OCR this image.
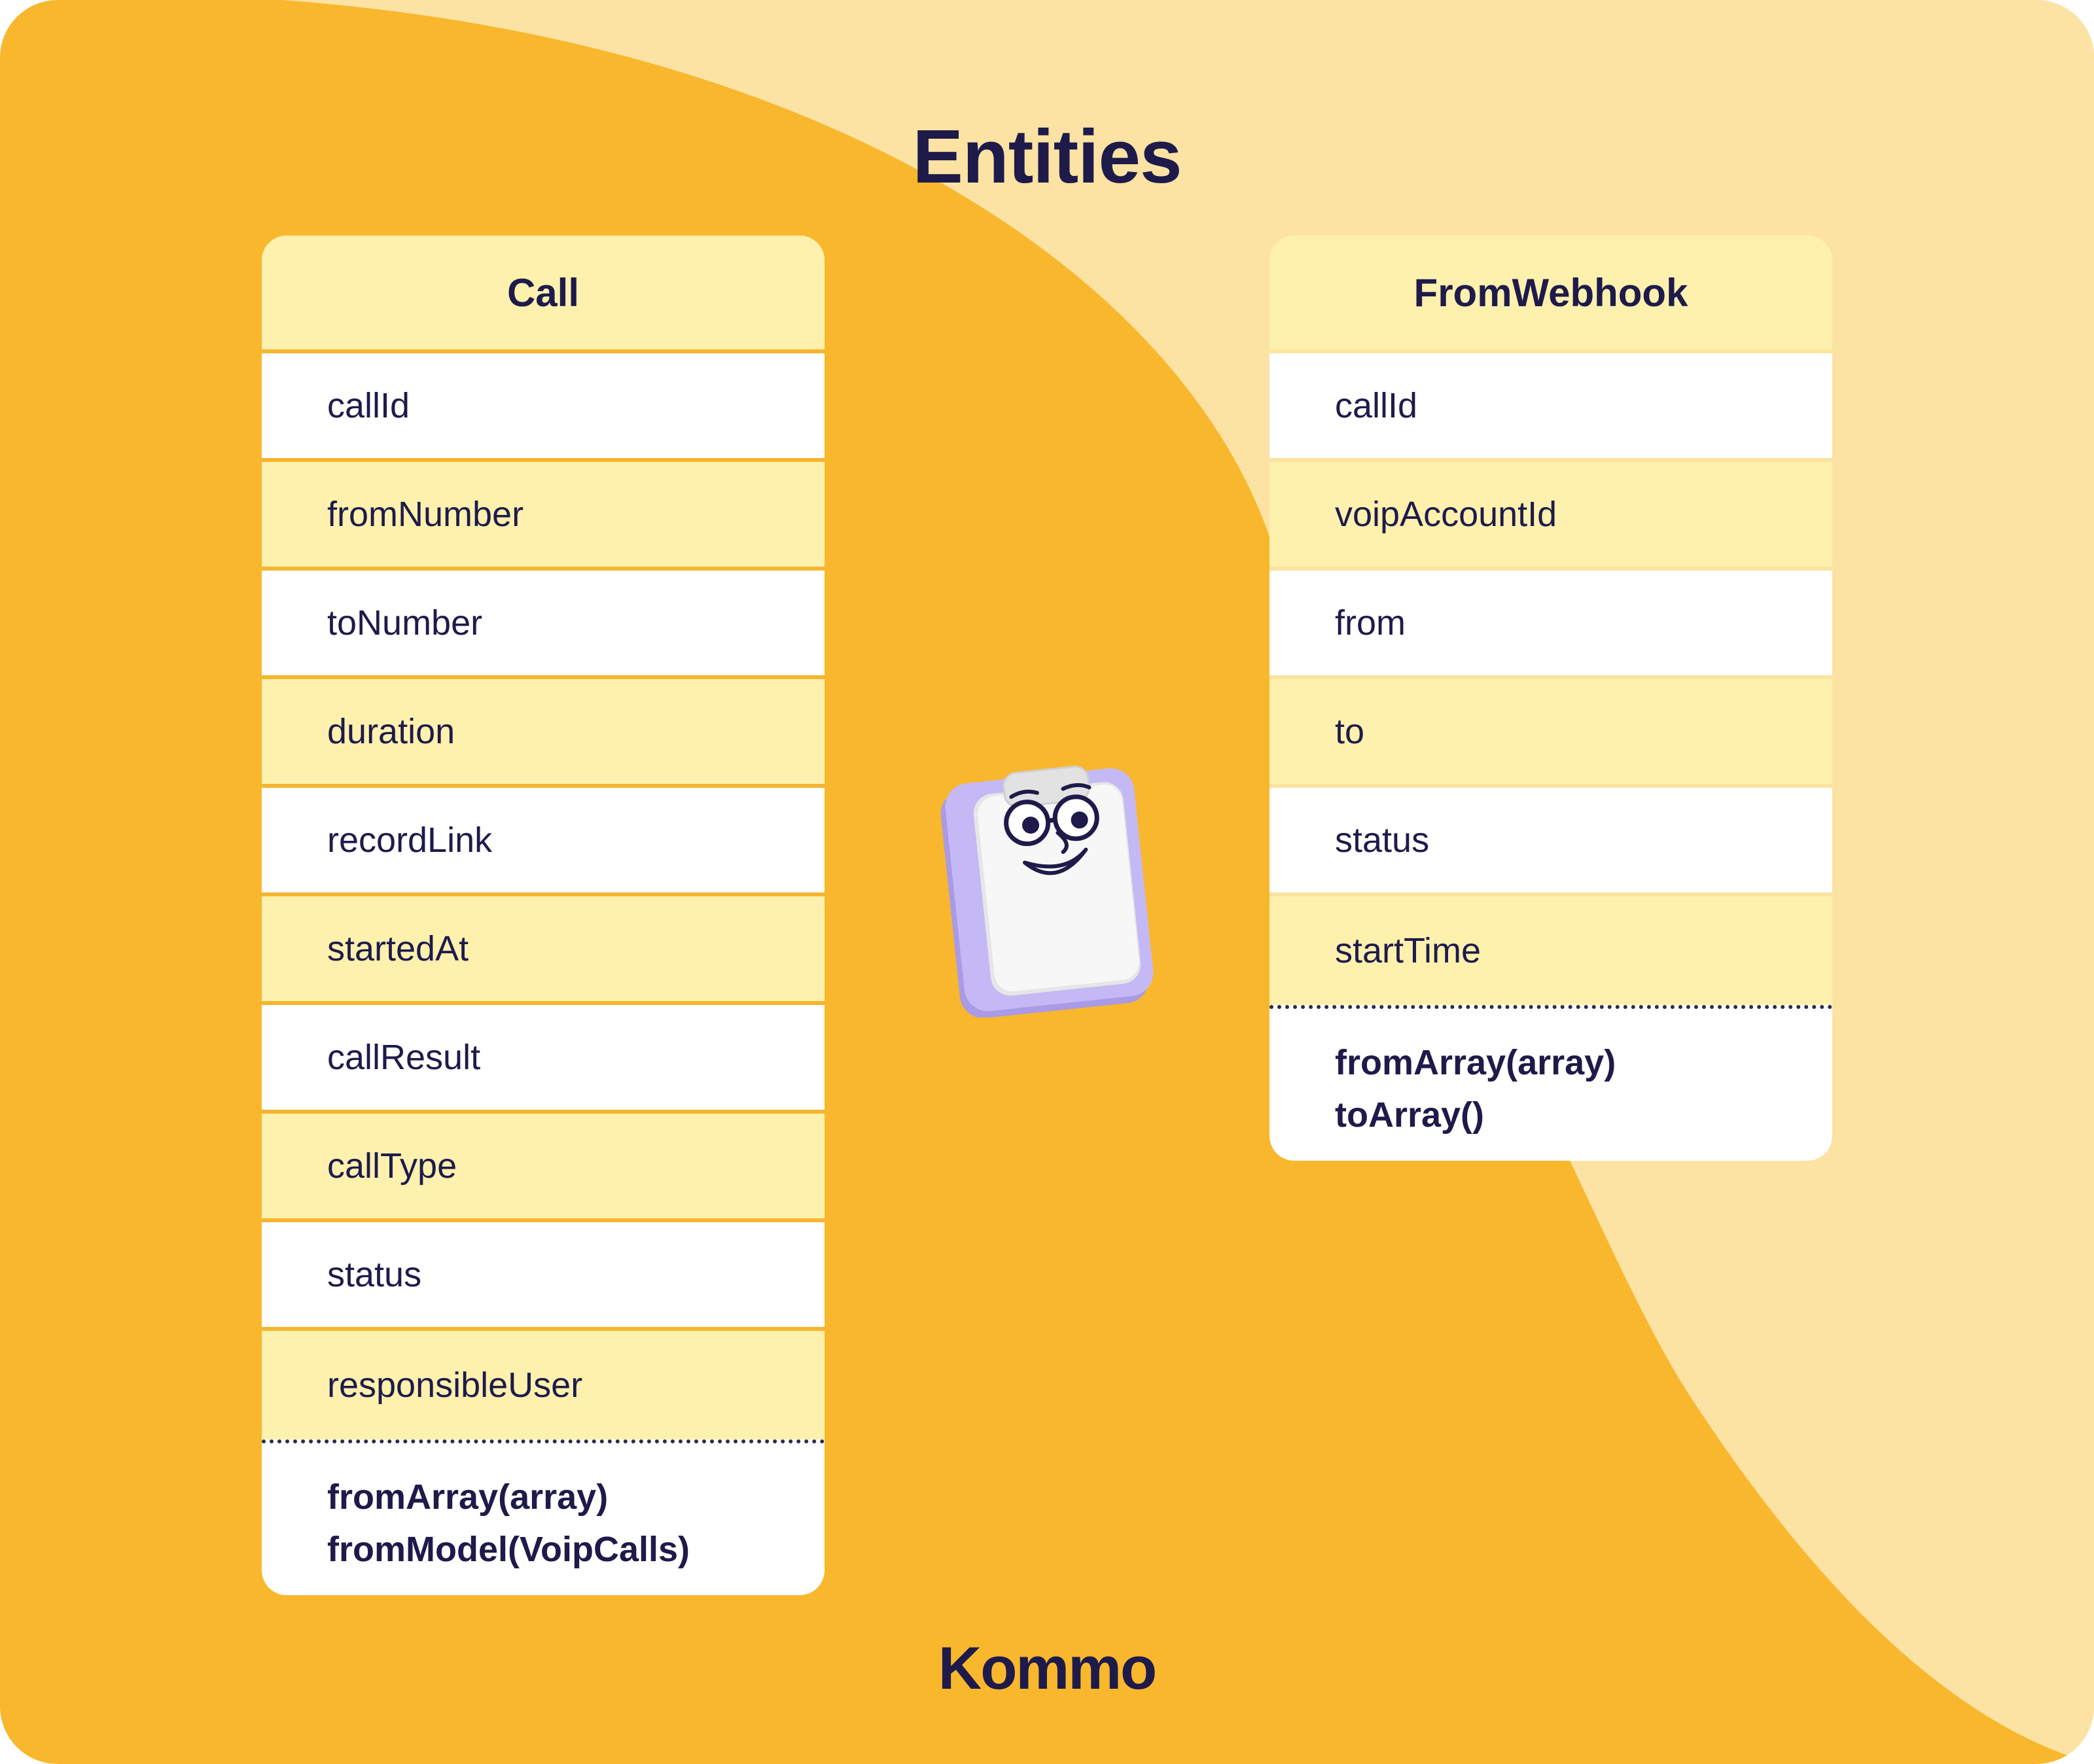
Entities
Call
callId
fromNumber
toNumber
duration
recordLink
startedAt
callResult
callType
status
responsibleUser
fromArray(array)
fromModel(VoipCalls)
FromWebhook
callId
voipAccountId
from
to
status
startTime
fromArray(array)
toArray()
Kommo
